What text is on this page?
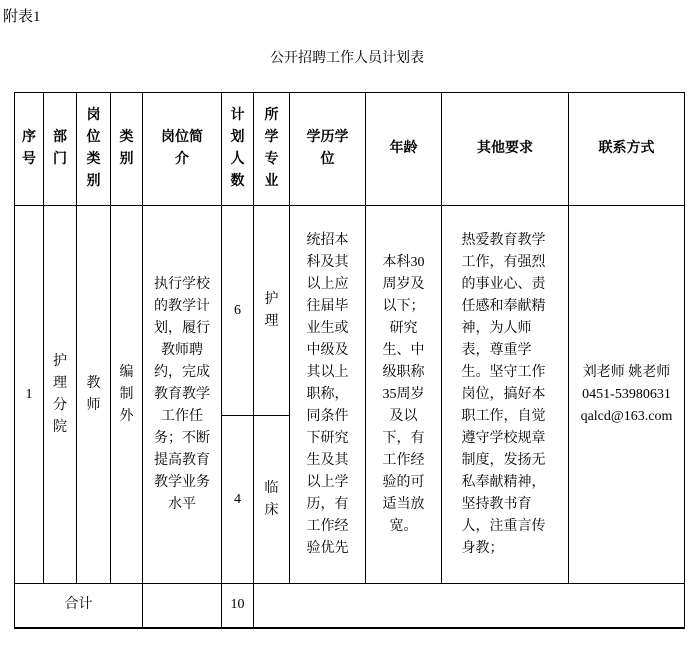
附表1
公开招聘工作人员计划表
序号	部门	岗位类别	类别	岗位简介	计划人数	所学专业	学历学位	年龄	其他要求	联系方式
1	护理分院	教师	编制外	执行学校的教学计划，履行教师聘约，完成教育教学工作任务；不断提高教育教学业务水平	6	护理	统招本科及其以上应往届毕业生或中级及其以上职称，同条件下研究生及其以上学历，有工作经验优先	本科30周岁及以下；研究生、中级职称35周岁及以下，有工作经验的可适当放宽。	热爱教育教学工作，有强烈的事业心、责任感和奉献精神，为人师表，尊重学生。坚守工作岗位，搞好本职工作，自觉遵守学校规章制度，发扬无私奉献精神，坚持教书育人，注重言传身教；	刘老师 姚老师
0451-53980631
qalcd@163.com

					4	临床				
合计					10					
